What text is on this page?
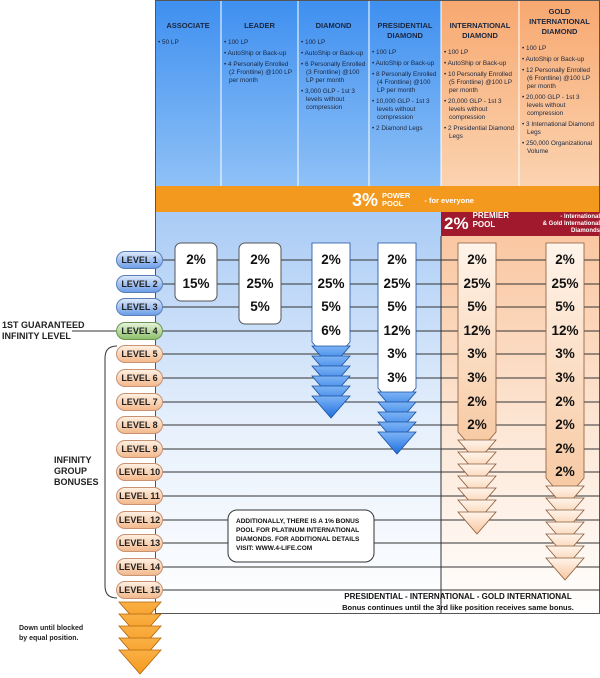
ASSOCIATE
• 50 LP
LEADER
• 100 LP
• AutoShip or Back-up
• 4 Personally Enrolled (2 Frontline) @100 LP per month
DIAMOND
• 100 LP
• AutoShip or Back-up
• 6 Personally Enrolled (3 Frontline) @100 LP per month
• 3,000 GLP - 1st 3 levels without compression
PRESIDENTIAL
DIAMOND
• 100 LP
• AutoShip or Back-up
• 8 Personally Enrolled (4 Frontline) @100 LP per month
• 10,000 GLP - 1st 3 levels without compression
• 2 Diamond Legs
INTERNATIONAL
DIAMOND
• 100 LP
• AutoShip or Back-up
• 10 Personally Enrolled (5 Frontline) @100 LP per month
• 20,000 GLP - 1st 3 levels without compression
• 2 Presidential Diamond Legs
GOLD
INTERNATIONAL
DIAMOND
• 100 LP
• AutoShip or Back-up
• 12 Personally Enrolled (6 Frontline) @100 LP per month
• 20,000 GLP - 1st 3 levels without compression
• 3 International Diamond Legs
• 250,000 Organizational Volume
3% POWER
POOL	- for everyone
2% PREMIER POOL
- International
& Gold International Diamonds
LEVEL 1
LEVEL 2
LEVEL 3
LEVEL 4
LEVEL 5
LEVEL 6
LEVEL 7
LEVEL 8
LEVEL 9
LEVEL 10
LEVEL 11
LEVEL 12
LEVEL 13
LEVEL 14
LEVEL 15
1ST GUARANTEED
INFINITY LEVEL
INFINITY
GROUP
BONUSES
Down until blocked
by equal position.
ADDITIONALLY, THERE IS A 1% BONUS
POOL FOR PLATINUM INTERNATIONAL
DIAMONDS. FOR ADDITIONAL DETAILS
VISIT: WWW.4-LIFE.COM
PRESIDENTIAL - INTERNATIONAL - GOLD INTERNATIONAL
Bonus continues until the 3rd like position receives same bonus.
2%
15%
2%
25%
5%
2%
25%
5%
6%
2%
25%
5%
12%
3%
3%
2%
25%
5%
12%
3%
3%
2%
2%
2%
25%
5%
12%
3%
3%
2%
2%
2%
2%
